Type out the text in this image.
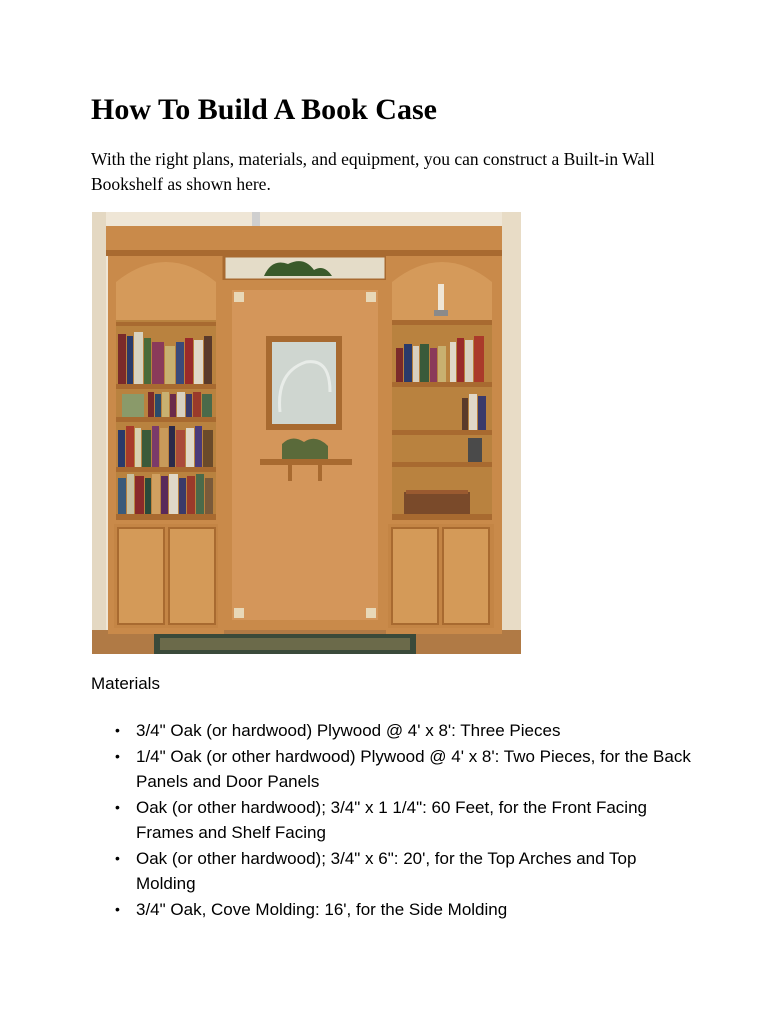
How To Build A Book Case

With the right plans, materials, and equipment, you can construct a Built-in Wall Bookshelf as shown here.

Materials

• 3/4" Oak (or hardwood) Plywood @ 4' x 8': Three Pieces
• 1/4" Oak (or other hardwood) Plywood @ 4' x 8': Two Pieces, for the Back Panels and Door Panels
• Oak (or other hardwood); 3/4" x 1 1/4": 60 Feet, for the Front Facing Frames and Shelf Facing
• Oak (or other hardwood); 3/4" x 6": 20', for the Top Arches and Top Molding
• 3/4" Oak, Cove Molding: 16', for the Side Molding
